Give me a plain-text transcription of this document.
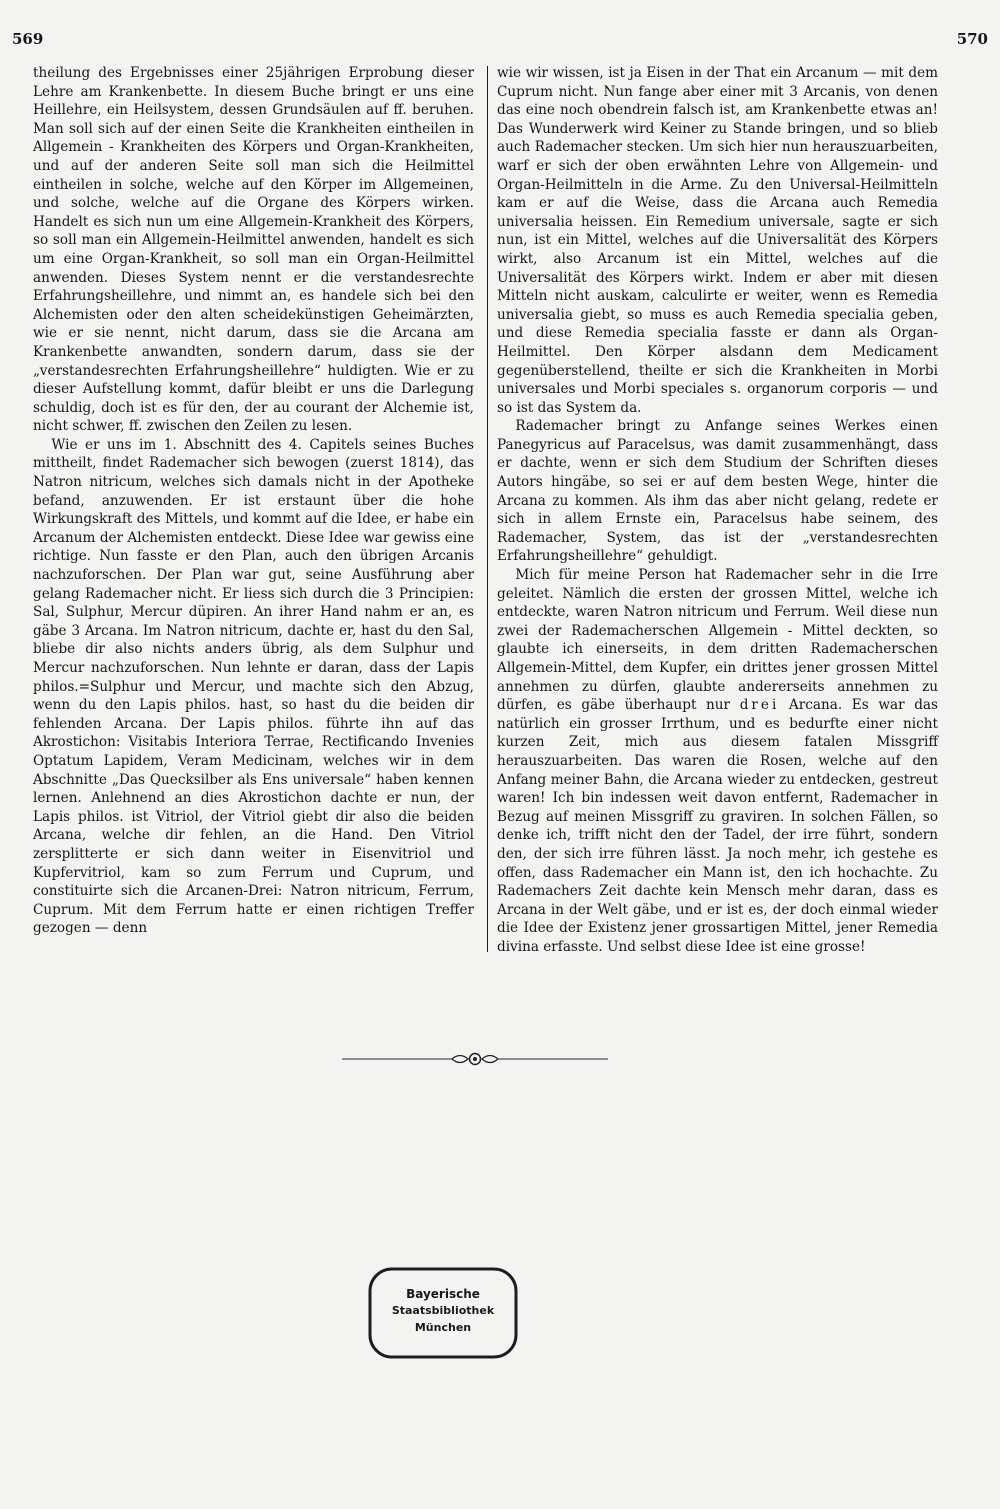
569	570

theilung des Ergebnisses einer 25jährigen Erprobung dieser Lehre am Krankenbette. In diesem Buche bringt er uns eine Heillehre, ein Heilsystem, dessen Grundsäulen auf ff. beruhen. Man soll sich auf der einen Seite die Krankheiten eintheilen in Allgemein - Krankheiten des Körpers und Organ-Krankheiten, und auf der anderen Seite soll man sich die Heilmittel eintheilen in solche, welche auf den Körper im Allgemeinen, und solche, welche auf die Organe des Körpers wirken. Handelt es sich nun um eine Allgemein-Krankheit des Körpers, so soll man ein Allgemein-Heilmittel anwenden, handelt es sich um eine Organ-Krankheit, so soll man ein Organ-Heilmittel anwenden. Dieses System nennt er die verstandesrechte Erfahrungsheillehre, und nimmt an, es handele sich bei den Alchemisten oder den alten scheidekünstigen Geheimärzten, wie er sie nennt, nicht darum, dass sie die Arcana am Krankenbette anwandten, sondern darum, dass sie der „verstandesrechten Erfahrungsheillehre“ huldigten. Wie er zu dieser Aufstellung kommt, dafür bleibt er uns die Darlegung schuldig, doch ist es für den, der au courant der Alchemie ist, nicht schwer, ff. zwischen den Zeilen zu lesen.

Wie er uns im 1. Abschnitt des 4. Capitels seines Buches mittheilt, findet Rademacher sich bewogen (zuerst 1814), das Natron nitricum, welches sich damals nicht in der Apotheke befand, anzuwenden. Er ist erstaunt über die hohe Wirkungskraft des Mittels, und kommt auf die Idee, er habe ein Arcanum der Alchemisten entdeckt. Diese Idee war gewiss eine richtige. Nun fasste er den Plan, auch den übrigen Arcanis nachzuforschen. Der Plan war gut, seine Ausführung aber gelang Rademacher nicht. Er liess sich durch die 3 Principien: Sal, Sulphur, Mercur düpiren. An ihrer Hand nahm er an, es gäbe 3 Arcana. Im Natron nitricum, dachte er, hast du den Sal, bliebe dir also nichts anders übrig, als dem Sulphur und Mercur nachzuforschen. Nun lehnte er daran, dass der Lapis philos.=Sulphur und Mercur, und machte sich den Abzug, wenn du den Lapis philos. hast, so hast du die beiden dir fehlenden Arcana. Der Lapis philos. führte ihn auf das Akrostichon: Visitabis Interiora Terrae, Rectificando Invenies Optatum Lapidem, Veram Medicinam, welches wir in dem Abschnitte „Das Quecksilber als Ens universale“ haben kennen lernen. Anlehnend an dies Akrostichon dachte er nun, der Lapis philos. ist Vitriol, der Vitriol giebt dir also die beiden Arcana, welche dir fehlen, an die Hand. Den Vitriol zersplitterte er sich dann weiter in Eisenvitriol und Kupfervitriol, kam so zum Ferrum und Cuprum, und constituirte sich die Arcanen-Drei: Natron nitricum, Ferrum, Cuprum. Mit dem Ferrum hatte er einen richtigen Treffer gezogen — denn

wie wir wissen, ist ja Eisen in der That ein Arcanum — mit dem Cuprum nicht. Nun fange aber einer mit 3 Arcanis, von denen das eine noch obendrein falsch ist, am Krankenbette etwas an! Das Wunderwerk wird Keiner zu Stande bringen, und so blieb auch Rademacher stecken. Um sich hier nun herauszuarbeiten, warf er sich der oben erwähnten Lehre von Allgemein- und Organ-Heilmitteln in die Arme. Zu den Universal-Heilmitteln kam er auf die Weise, dass die Arcana auch Remedia universalia heissen. Ein Remedium universale, sagte er sich nun, ist ein Mittel, welches auf die Universalität des Körpers wirkt, also Arcanum ist ein Mittel, welches auf die Universalität des Körpers wirkt. Indem er aber mit diesen Mitteln nicht auskam, calculirte er weiter, wenn es Remedia universalia giebt, so muss es auch Remedia specialia geben, und diese Remedia specialia fasste er dann als Organ-Heilmittel. Den Körper alsdann dem Medicament gegenüberstellend, theilte er sich die Krankheiten in Morbi universales und Morbi speciales s. organorum corporis — und so ist das System da.

Rademacher bringt zu Anfange seines Werkes einen Panegyricus auf Paracelsus, was damit zusammenhängt, dass er dachte, wenn er sich dem Studium der Schriften dieses Autors hingäbe, so sei er auf dem besten Wege, hinter die Arcana zu kommen. Als ihm das aber nicht gelang, redete er sich in allem Ernste ein, Paracelsus habe seinem, des Rademacher, System, das ist der „verstandesrechten Erfahrungsheillehre“ gehuldigt.

Mich für meine Person hat Rademacher sehr in die Irre geleitet. Nämlich die ersten der grossen Mittel, welche ich entdeckte, waren Natron nitricum und Ferrum. Weil diese nun zwei der Rademacherschen Allgemein - Mittel deckten, so glaubte ich einerseits, in dem dritten Rademacherschen Allgemein-Mittel, dem Kupfer, ein drittes jener grossen Mittel annehmen zu dürfen, glaubte andererseits annehmen zu dürfen, es gäbe überhaupt nur drei Arcana. Es war das natürlich ein grosser Irrthum, und es bedurfte einer nicht kurzen Zeit, mich aus diesem fatalen Missgriff herauszuarbeiten. Das waren die Rosen, welche auf den Anfang meiner Bahn, die Arcana wieder zu entdecken, gestreut waren! Ich bin indessen weit davon entfernt, Rademacher in Bezug auf meinen Missgriff zu graviren. In solchen Fällen, so denke ich, trifft nicht den der Tadel, der irre führt, sondern den, der sich irre führen lässt. Ja noch mehr, ich gestehe es offen, dass Rademacher ein Mann ist, den ich hochachte. Zu Rademachers Zeit dachte kein Mensch mehr daran, dass es Arcana in der Welt gäbe, und er ist es, der doch einmal wieder die Idee der Existenz jener grossartigen Mittel, jener Remedia divina erfasste. Und selbst diese Idee ist eine grosse!

Bayerische
Staatsbibliothek
München
